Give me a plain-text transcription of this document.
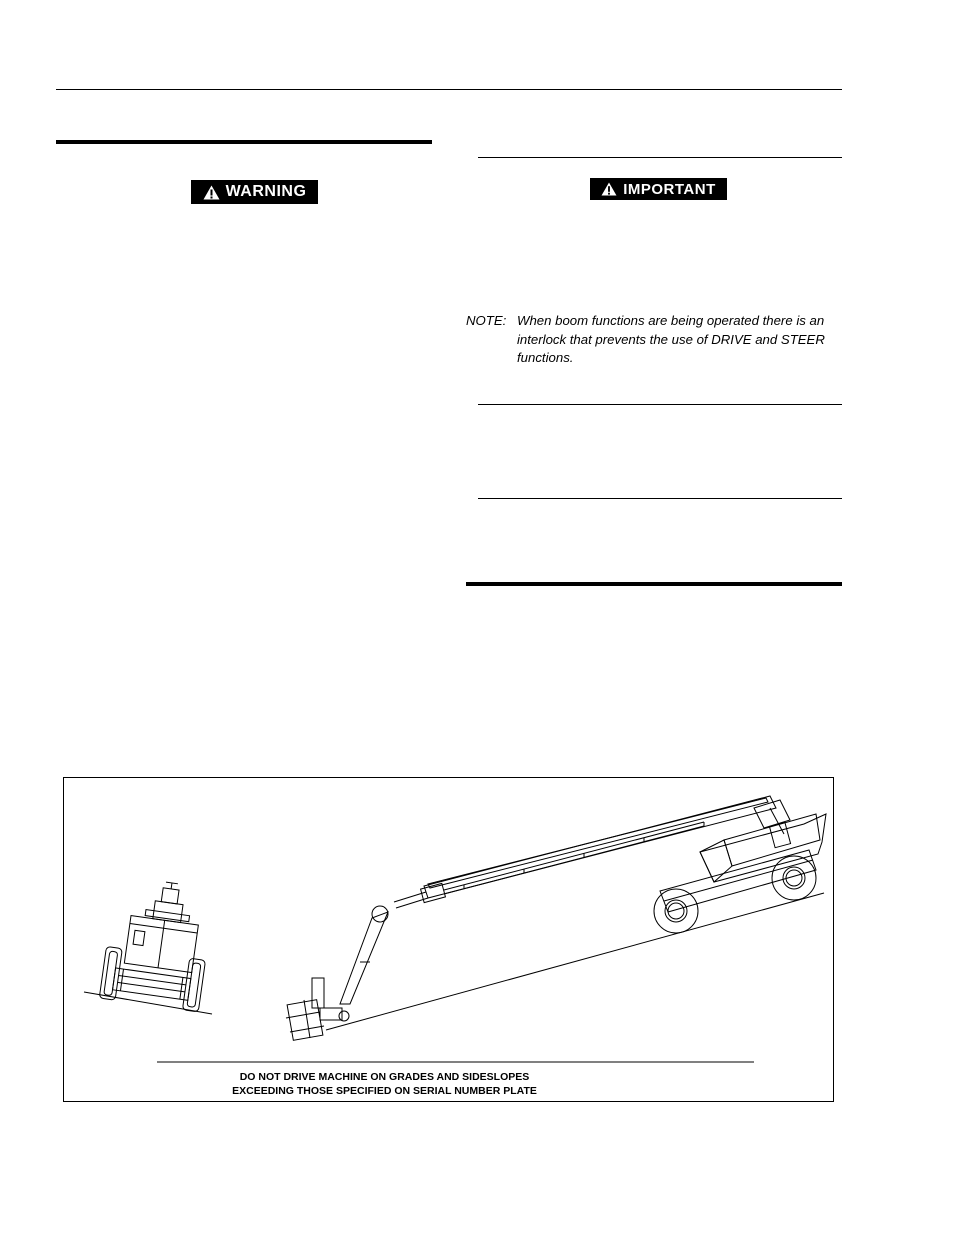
WARNING	IMPORTANT
NOTE: When boom functions are being operated there is an interlock that prevents the use of DRIVE and STEER functions.
DO NOT DRIVE MACHINE ON GRADES AND SIDESLOPES
EXCEEDING THOSE SPECIFIED ON SERIAL NUMBER PLATE
